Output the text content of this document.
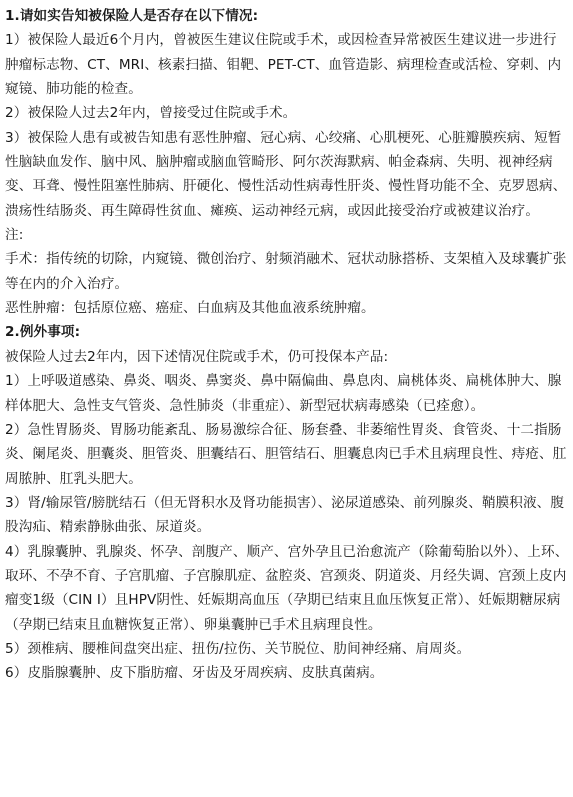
1.请如实告知被保险人是否存在以下情况:

1）被保险人最近6个月内，曾被医生建议住院或手术，或因检查异常被医生建议进一步进行肿瘤标志物、CT、MRI、核素扫描、钼靶、PET-CT、血管造影、病理检查或活检、穿刺、内窥镜、肺功能的检查。

2）被保险人过去2年内，曾接受过住院或手术。

3）被保险人患有或被告知患有恶性肿瘤、冠心病、心绞痛、心肌梗死、心脏瓣膜疾病、短暂性脑缺血发作、脑中风、脑肿瘤或脑血管畸形、阿尔茨海默病、帕金森病、失明、视神经病变、耳聋、慢性阻塞性肺病、肝硬化、慢性活动性病毒性肝炎、慢性肾功能不全、克罗恩病、溃疡性结肠炎、再生障碍性贫血、瘫痪、运动神经元病，或因此接受治疗或被建议治疗。

注:

手术：指传统的切除，内窥镜、微创治疗、射频消融术、冠状动脉搭桥、支架植入及球囊扩张等在内的介入治疗。

恶性肿瘤：包括原位癌、癌症、白血病及其他血液系统肿瘤。

2.例外事项:

被保险人过去2年内，因下述情况住院或手术，仍可投保本产品:

1）上呼吸道感染、鼻炎、咽炎、鼻窦炎、鼻中隔偏曲、鼻息肉、扁桃体炎、扁桃体肿大、腺样体肥大、急性支气管炎、急性肺炎（非重症）、新型冠状病毒感染（已痊愈）。

2）急性胃肠炎、胃肠功能紊乱、肠易激综合征、肠套叠、非萎缩性胃炎、食管炎、十二指肠炎、阑尾炎、胆囊炎、胆管炎、胆囊结石、胆管结石、胆囊息肉已手术且病理良性、痔疮、肛周脓肿、肛乳头肥大。

3）肾/输尿管/膀胱结石（但无肾积水及肾功能损害）、泌尿道感染、前列腺炎、鞘膜积液、腹股沟疝、精索静脉曲张、尿道炎。

4）乳腺囊肿、乳腺炎、怀孕、剖腹产、顺产、宫外孕且已治愈流产（除葡萄胎以外）、上环、取环、不孕不育、子宫肌瘤、子宫腺肌症、盆腔炎、宫颈炎、阴道炎、月经失调、宫颈上皮内瘤变1级（CIN I）且HPV阴性、妊娠期高血压（孕期已结束且血压恢复正常）、妊娠期糖尿病（孕期已结束且血糖恢复正常）、卵巢囊肿已手术且病理良性。

5）颈椎病、腰椎间盘突出症、扭伤/拉伤、关节脱位、肋间神经痛、肩周炎。

6）皮脂腺囊肿、皮下脂肪瘤、牙齿及牙周疾病、皮肤真菌病。
